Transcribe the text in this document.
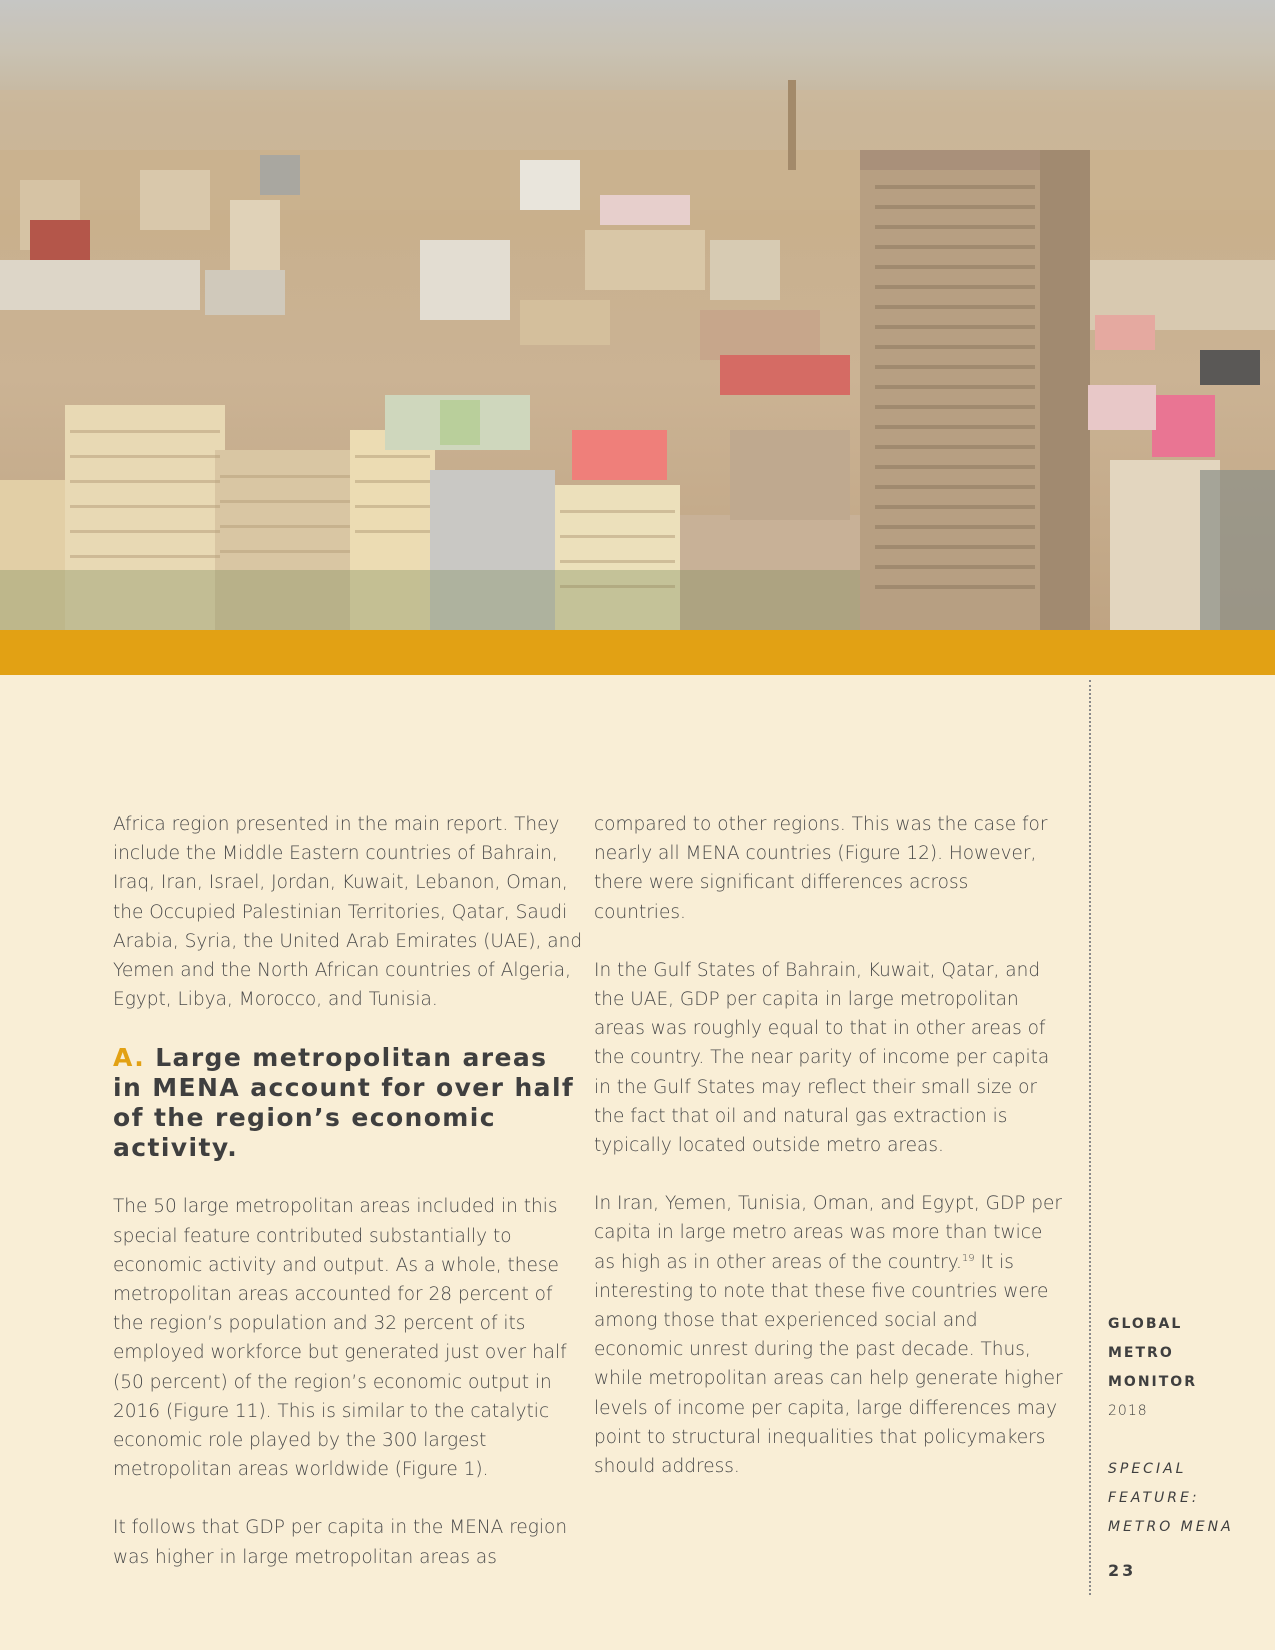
Africa region presented in the main report. They include the Middle Eastern countries of Bahrain, Iraq, Iran, Israel, Jordan, Kuwait, Lebanon, Oman, the Occupied Palestinian Territories, Qatar, Saudi Arabia, Syria, the United Arab Emirates (UAE), and Yemen and the North African countries of Algeria, Egypt, Libya, Morocco, and Tunisia.

A. Large metropolitan areas in MENA account for over half of the region’s economic activity.

The 50 large metropolitan areas included in this special feature contributed substantially to economic activity and output. As a whole, these metropolitan areas accounted for 28 percent of the region’s population and 32 percent of its employed workforce but generated just over half (50 percent) of the region’s economic output in 2016 (Figure 11). This is similar to the catalytic economic role played by the 300 largest metropolitan areas worldwide (Figure 1).

It follows that GDP per capita in the MENA region was higher in large metropolitan areas as

compared to other regions. This was the case for nearly all MENA countries (Figure 12). However, there were significant differences across countries.

In the Gulf States of Bahrain, Kuwait, Qatar, and the UAE, GDP per capita in large metropolitan areas was roughly equal to that in other areas of the country. The near parity of income per capita in the Gulf States may reflect their small size or the fact that oil and natural gas extraction is typically located outside metro areas.

In Iran, Yemen, Tunisia, Oman, and Egypt, GDP per capita in large metro areas was more than twice as high as in other areas of the country.$^{19}$ It is interesting to note that these five countries were among those that experienced social and economic unrest during the past decade. Thus, while metropolitan areas can help generate higher levels of income per capita, large differences may point to structural inequalities that policymakers should address.

GLOBAL
METRO
MONITOR
2018
SPECIAL
FEATURE:
METRO MENA
23
